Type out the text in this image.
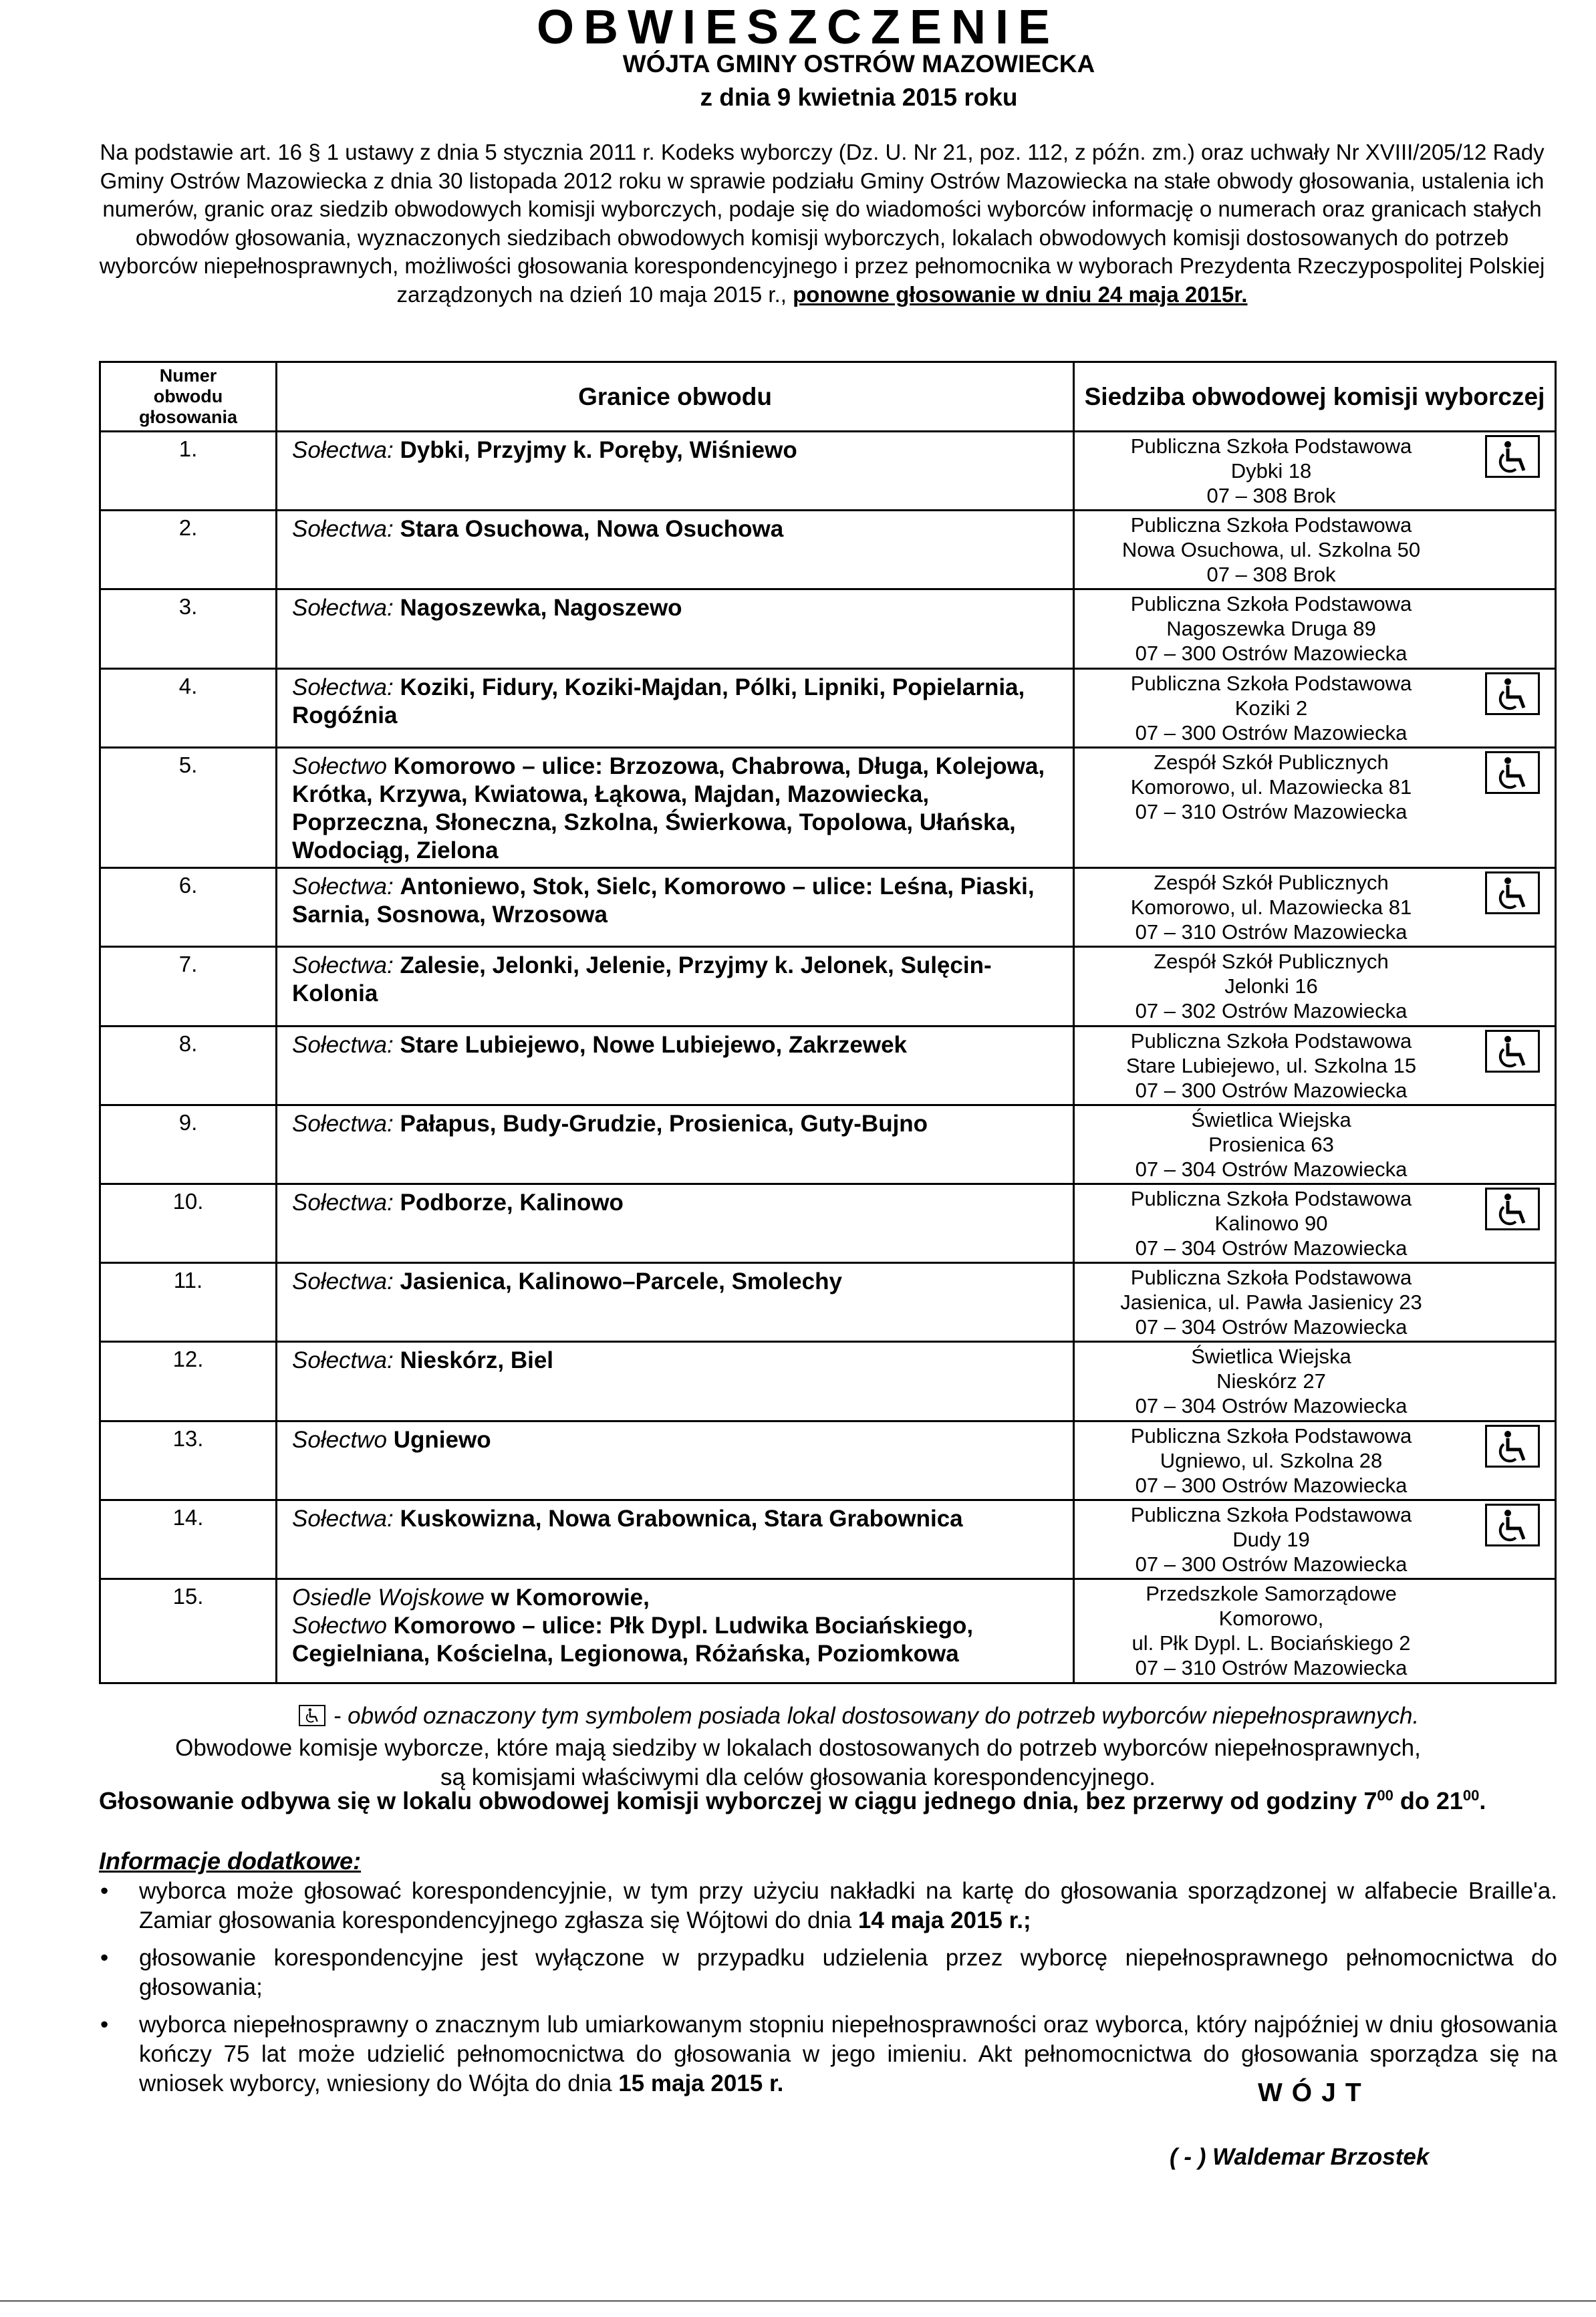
OBWIESZCZENIE

WÓJTA GMINY OSTRÓW MAZOWIECKA

z dnia 9 kwietnia 2015 roku

Na podstawie art. 16 § 1 ustawy z dnia 5 stycznia 2011 r. Kodeks wyborczy (Dz. U. Nr 21, poz. 112, z późn. zm.) oraz uchwały Nr XVIII/205/12 Rady Gminy Ostrów Mazowiecka z dnia 30 listopada 2012 roku w sprawie podziału Gminy Ostrów Mazowiecka na stałe obwody głosowania, ustalenia ich numerów, granic oraz siedzib obwodowych komisji wyborczych, podaje się do wiadomości wyborców informację o numerach oraz granicach stałych obwodów głosowania, wyznaczonych siedzibach obwodowych komisji wyborczych, lokalach obwodowych komisji dostosowanych do potrzeb wyborców niepełnosprawnych, możliwości głosowania korespondencyjnego i przez pełnomocnika w wyborach Prezydenta Rzeczypospolitej Polskiej zarządzonych na dzień 10 maja 2015 r., ponowne głosowanie w dniu 24 maja 2015r.

Numer
obwodu
głosowania	Granice obwodu	Siedziba obwodowej komisji wyborczej
1.	Sołectwa: Dybki, Przyjmy k. Poręby, Wiśniewo	Publiczna Szkoła Podstawowa
Dybki 18
07 – 308 Brok

2.	Sołectwa: Stara Osuchowa, Nowa Osuchowa	Publiczna Szkoła Podstawowa
Nowa Osuchowa, ul. Szkolna 50
07 – 308 Brok

3.	Sołectwa: Nagoszewka, Nagoszewo	Publiczna Szkoła Podstawowa
Nagoszewka Druga 89
07 – 300 Ostrów Mazowiecka

4.	Sołectwa: Koziki, Fidury, Koziki-Majdan, Pólki, Lipniki, Popielarnia, Rogóźnia	Publiczna Szkoła Podstawowa
Koziki 2
07 – 300 Ostrów Mazowiecka

5.	Sołectwo Komorowo – ulice: Brzozowa, Chabrowa, Długa, Kolejowa, Krótka, Krzywa, Kwiatowa, Łąkowa, Majdan, Mazowiecka, Poprzeczna, Słoneczna, Szkolna, Świerkowa, Topolowa, Ułańska, Wodociąg, Zielona	Zespół Szkół Publicznych
Komorowo, ul. Mazowiecka 81
07 – 310 Ostrów Mazowiecka

6.	Sołectwa: Antoniewo, Stok, Sielc, Komorowo – ulice: Leśna, Piaski, Sarnia, Sosnowa, Wrzosowa	Zespół Szkół Publicznych
Komorowo, ul. Mazowiecka 81
07 – 310 Ostrów Mazowiecka

7.	Sołectwa: Zalesie, Jelonki, Jelenie, Przyjmy k. Jelonek, Sulęcin-Kolonia	Zespół Szkół Publicznych
Jelonki 16
07 – 302 Ostrów Mazowiecka

8.	Sołectwa: Stare Lubiejewo, Nowe Lubiejewo, Zakrzewek	Publiczna Szkoła Podstawowa
Stare Lubiejewo, ul. Szkolna 15
07 – 300 Ostrów Mazowiecka

9.	Sołectwa: Pałapus, Budy-Grudzie, Prosienica, Guty-Bujno	Świetlica Wiejska
Prosienica 63
07 – 304 Ostrów Mazowiecka

10.	Sołectwa: Podborze, Kalinowo	Publiczna Szkoła Podstawowa
Kalinowo 90
07 – 304 Ostrów Mazowiecka

11.	Sołectwa: Jasienica, Kalinowo–Parcele, Smolechy	Publiczna Szkoła Podstawowa
Jasienica, ul. Pawła Jasienicy 23
07 – 304 Ostrów Mazowiecka

12.	Sołectwa: Nieskórz, Biel	Świetlica Wiejska
Nieskórz 27
07 – 304 Ostrów Mazowiecka

13.	Sołectwo Ugniewo	Publiczna Szkoła Podstawowa
Ugniewo, ul. Szkolna 28
07 – 300 Ostrów Mazowiecka

14.	Sołectwa: Kuskowizna, Nowa Grabownica, Stara Grabownica	Publiczna Szkoła Podstawowa
Dudy 19
07 – 300 Ostrów Mazowiecka

15.	Osiedle Wojskowe w Komorowie,
Sołectwo Komorowo – ulice: Płk Dypl. Ludwika Bociańskiego, Cegielniana, Kościelna, Legionowa, Różańska, Poziomkowa	Przedszkole Samorządowe
Komorowo,
ul. Płk Dypl. L. Bociańskiego 2
07 – 310 Ostrów Mazowiecka

- obwód oznaczony tym symbolem posiada lokal dostosowany do potrzeb wyborców niepełnosprawnych.

Obwodowe komisje wyborcze, które mają siedziby w lokalach dostosowanych do potrzeb wyborców niepełnosprawnych,

są komisjami właściwymi dla celów głosowania korespondencyjnego.

Głosowanie odbywa się w lokalu obwodowej komisji wyborczej w ciągu jednego dnia, bez przerwy od godziny $7^{00}$ do $21^{00}$.

Informacje dodatkowe:

• wyborca może głosować korespondencyjnie, w tym przy użyciu nakładki na kartę do głosowania sporządzonej w alfabecie Braille'a. Zamiar głosowania korespondencyjnego zgłasza się Wójtowi do dnia 14 maja 2015 r.;
• głosowanie korespondencyjne jest wyłączone w przypadku udzielenia przez wyborcę niepełnosprawnego pełnomocnictwa do głosowania;
• wyborca niepełnosprawny o znacznym lub umiarkowanym stopniu niepełnosprawności oraz wyborca, który najpóźniej w dniu głosowania kończy 75 lat może udzielić pełnomocnictwa do głosowania w jego imieniu. Akt pełnomocnictwa do głosowania sporządza się na wniosek wyborcy, wniesiony do Wójta do dnia 15 maja 2015 r.	WÓJT

( - ) Waldemar Brzostek
